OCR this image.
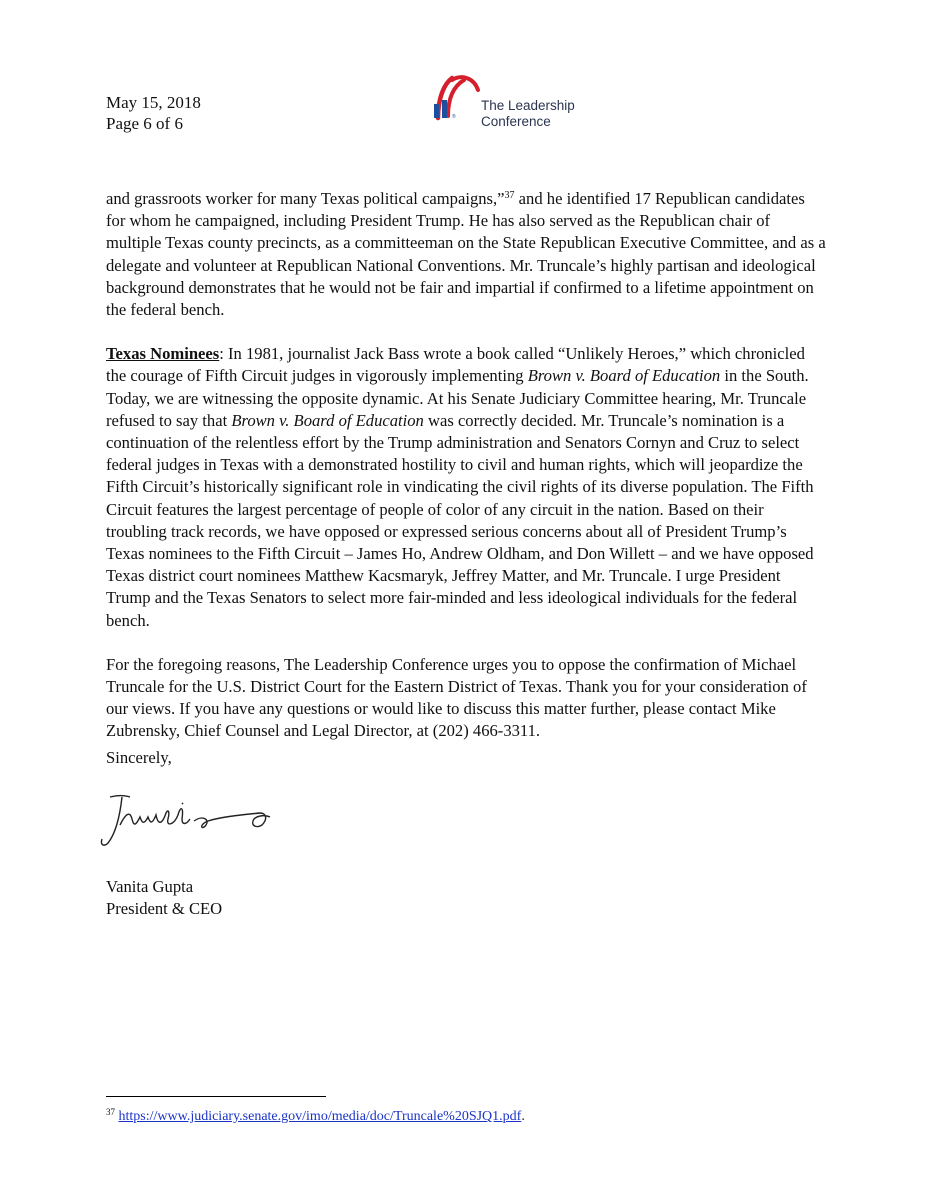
May 15, 2018
Page 6 of 6	®
The Leadership
Conference

and grassroots worker for many Texas political campaigns,”$^{37}$ and he identified 17 Republican candidates for whom he campaigned, including President Trump. He has also served as the Republican chair of multiple Texas county precincts, as a committeeman on the State Republican Executive Committee, and as a delegate and volunteer at Republican National Conventions. Mr. Truncale’s highly partisan and ideological background demonstrates that he would not be fair and impartial if confirmed to a lifetime appointment on the federal bench.

Texas Nominees: In 1981, journalist Jack Bass wrote a book called “Unlikely Heroes,” which chronicled the courage of Fifth Circuit judges in vigorously implementing Brown v. Board of Education in the South. Today, we are witnessing the opposite dynamic. At his Senate Judiciary Committee hearing, Mr. Truncale refused to say that Brown v. Board of Education was correctly decided. Mr. Truncale’s nomination is a continuation of the relentless effort by the Trump administration and Senators Cornyn and Cruz to select federal judges in Texas with a demonstrated hostility to civil and human rights, which will jeopardize the Fifth Circuit’s historically significant role in vindicating the civil rights of its diverse population. The Fifth Circuit features the largest percentage of people of color of any circuit in the nation. Based on their troubling track records, we have opposed or expressed serious concerns about all of President Trump’s Texas nominees to the Fifth Circuit – James Ho, Andrew Oldham, and Don Willett – and we have opposed Texas district court nominees Matthew Kacsmaryk, Jeffrey Matter, and Mr. Truncale. I urge President Trump and the Texas Senators to select more fair-minded and less ideological individuals for the federal bench.

For the foregoing reasons, The Leadership Conference urges you to oppose the confirmation of Michael Truncale for the U.S. District Court for the Eastern District of Texas. Thank you for your consideration of our views. If you have any questions or would like to discuss this matter further, please contact Mike Zubrensky, Chief Counsel and Legal Director, at (202) 466-3311.

Sincerely,
Vanita Gupta
President & CEO
$^{37}$ https://www.judiciary.senate.gov/imo/media/doc/Truncale%20SJQ1.pdf.
